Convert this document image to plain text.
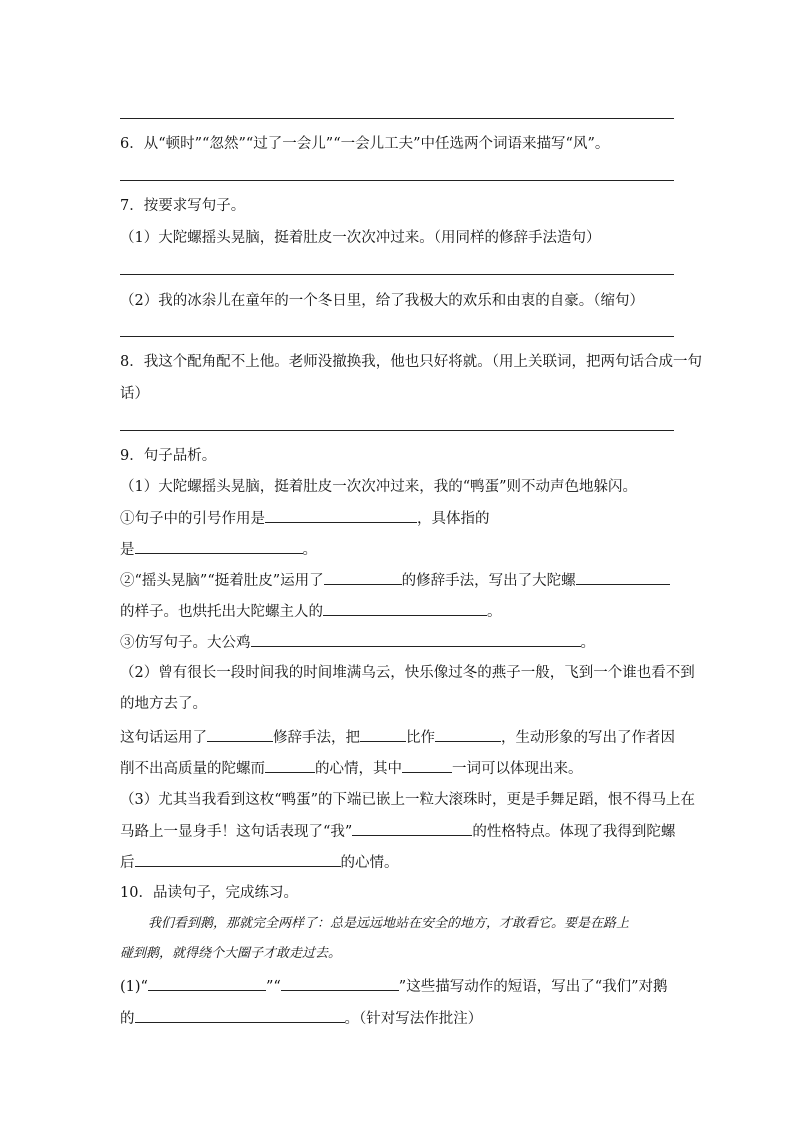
6．从“顿时”“忽然”“过了一会儿”“一会儿工夫”中任选两个词语来描写“风”。
7．按要求写句子。
（1）大陀螺摇头晃脑，挺着肚皮一次次冲过来。（用同样的修辞手法造句）
（2）我的冰尜儿在童年的一个冬日里，给了我极大的欢乐和由衷的自豪。（缩句）
8．我这个配角配不上他。老师没撤换我，他也只好将就。（用上关联词，把两句话合成一句
话）
9．句子品析。
（1）大陀螺摇头晃脑，挺着肚皮一次次冲过来，我的“鸭蛋”则不动声色地躲闪。
①句子中的引号作用是	，具体指的
是	。
②“摇头晃脑”“挺着肚皮”运用了	的修辞手法，写出了大陀螺
的样子。也烘托出大陀螺主人的	。
③仿写句子。大公鸡	。
（2）曾有很长一段时间我的时间堆满乌云，快乐像过冬的燕子一般，飞到一个谁也看不到
的地方去了。
这句话运用了	修辞手法，把	比作	，生动形象的写出了作者因
削不出高质量的陀螺而	的心情，其中	一词可以体现出来。
（3）尤其当我看到这枚“鸭蛋”的下端已嵌上一粒大滚珠时，更是手舞足蹈，恨不得马上在
马路上一显身手！这句话表现了“我”	的性格特点。体现了我得到陀螺
后	的心情。
10．品读句子，完成练习。
我们看到鹅，那就完全两样了：总是远远地站在安全的地方，才敢看它。要是在路上
碰到鹅，就得绕个大圈子才敢走过去。
(1)“	”“	”这些描写动作的短语，写出了“我们”对鹅
的	。（针对写法作批注）
